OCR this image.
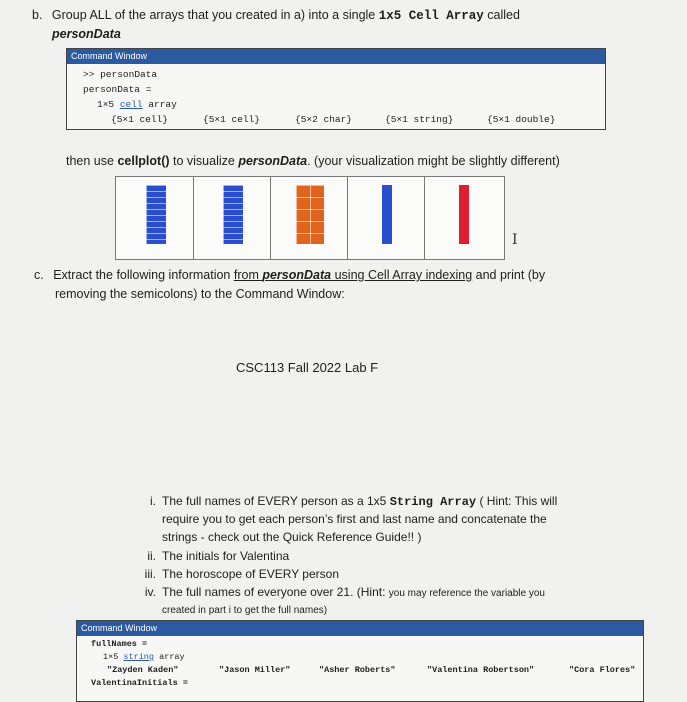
b. Group ALL of the arrays that you created in a) into a single 1x5 Cell Array called
personData
Command Window
>> personData
personData =
1×5 cell array
{5×1 cell}	{5×1 cell}	{5×2 char}	{5×1 string}	{5×1 double}
then use cellplot() to visualize personData. (your visualization might be slightly different)
I
c. Extract the following information from personData using Cell Array indexing and print (by
removing the semicolons) to the Command Window:
CSC113 Fall 2022 Lab F
i. The full names of EVERY person as a 1x5 String Array ( Hint: This will
require you to get each person’s first and last name and concatenate the
strings - check out the Quick Reference Guide!! )
ii. The initials for Valentina
iii. The horoscope of EVERY person
iv. The full names of everyone over 21. (Hint: you may reference the variable you
created in part i to get the full names)
Command Window
fullNames =
1×5 string array
"Zayden Kaden"	"Jason Miller"	"Asher Roberts"	"Valentina Robertson"	"Cora Flores"
ValentinaInitials =
